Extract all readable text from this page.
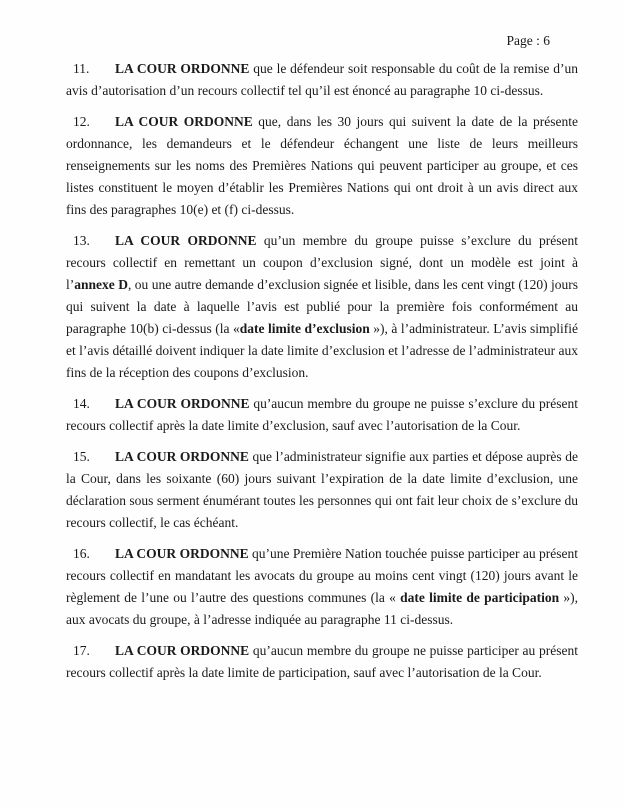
Page : 6

11. LA COUR ORDONNE que le défendeur soit responsable du coût de la remise d’un avis d’autorisation d’un recours collectif tel qu’il est énoncé au paragraphe 10 ci-dessus.

12. LA COUR ORDONNE que, dans les 30 jours qui suivent la date de la présente ordonnance, les demandeurs et le défendeur échangent une liste de leurs meilleurs renseignements sur les noms des Premières Nations qui peuvent participer au groupe, et ces listes constituent le moyen d’établir les Premières Nations qui ont droit à un avis direct aux fins des paragraphes 10(e) et (f) ci-dessus.

13. LA COUR ORDONNE qu’un membre du groupe puisse s’exclure du présent recours collectif en remettant un coupon d’exclusion signé, dont un modèle est joint à l’annexe D, ou une autre demande d’exclusion signée et lisible, dans les cent vingt (120) jours qui suivent la date à laquelle l’avis est publié pour la première fois conformément au paragraphe 10(b) ci-dessus (la «date limite d’exclusion »), à l’administrateur. L’avis simplifié et l’avis détaillé doivent indiquer la date limite d’exclusion et l’adresse de l’administrateur aux fins de la réception des coupons d’exclusion.

14. LA COUR ORDONNE qu’aucun membre du groupe ne puisse s’exclure du présent recours collectif après la date limite d’exclusion, sauf avec l’autorisation de la Cour.

15. LA COUR ORDONNE que l’administrateur signifie aux parties et dépose auprès de la Cour, dans les soixante (60) jours suivant l’expiration de la date limite d’exclusion, une déclaration sous serment énumérant toutes les personnes qui ont fait leur choix de s’exclure du recours collectif, le cas échéant.

16. LA COUR ORDONNE qu’une Première Nation touchée puisse participer au présent recours collectif en mandatant les avocats du groupe au moins cent vingt (120) jours avant le règlement de l’une ou l’autre des questions communes (la « date limite de participation »), aux avocats du groupe, à l’adresse indiquée au paragraphe 11 ci-dessus.

17. LA COUR ORDONNE qu’aucun membre du groupe ne puisse participer au présent recours collectif après la date limite de participation, sauf avec l’autorisation de la Cour.
